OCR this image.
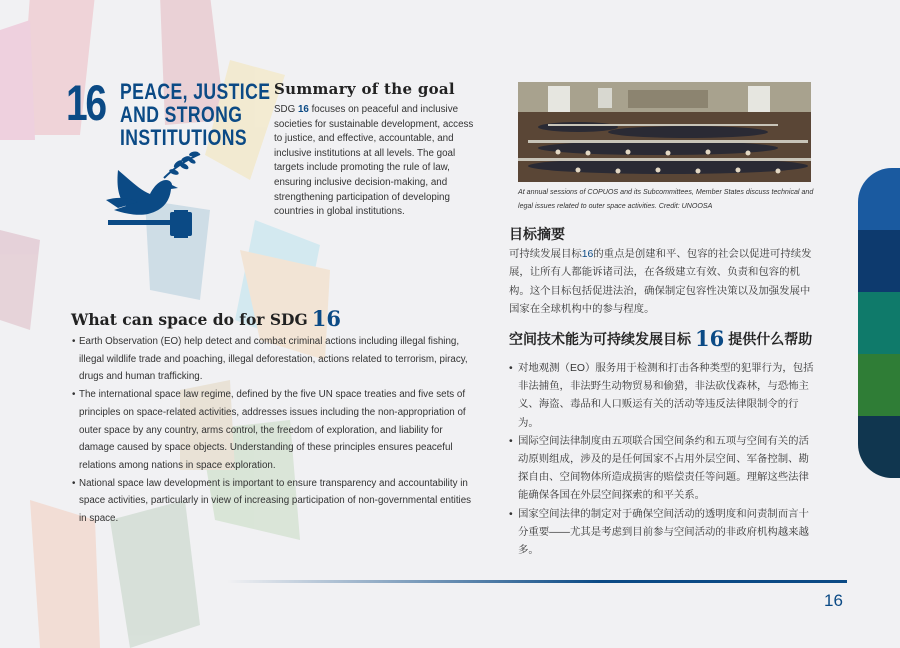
16 PEACE, JUSTICE
AND STRONG
INSTITUTIONS
Summary of the goal
SDG 16 focuses on peaceful and inclusive societies for sustainable development, access to justice, and effective, accountable, and inclusive institutions at all levels. The goal targets include promoting the rule of law, ensuring inclusive decision-making, and strengthening participation of developing countries in global institutions.
At annual sessions of COPUOS and its Subcommittees, Member States discuss technical and legal issues related to outer space activities. Credit: UNOOSA
目标摘要
可持续发展目标16的重点是创建和平、包容的社会以促进可持续发展，让所有人都能诉诸司法，在各级建立有效、负责和包容的机构。这个目标包括促进法治，确保制定包容性决策以及加强发展中国家在全球机构中的参与程度。
空间技术能为可持续发展目标 16 提供什么帮助
• 对地观测（EO）服务用于检测和打击各种类型的犯罪行为，包括非法捕鱼，非法野生动物贸易和偷猎，非法砍伐森林，与恐怖主义、海盗、毒品和人口贩运有关的活动等违反法律限制令的行为。
• 国际空间法律制度由五项联合国空间条约和五项与空间有关的活动原则组成，涉及的是任何国家不占用外层空间、军备控制、勘探自由、空间物体所造成损害的赔偿责任等问题。理解这些法律能确保各国在外层空间探索的和平关系。
• 国家空间法律的制定对于确保空间活动的透明度和问责制而言十分重要——尤其是考虑到目前参与空间活动的非政府机构越来越多。
What can space do for SDG 16
• Earth Observation (EO) help detect and combat criminal actions including illegal fishing, illegal wildlife trade and poaching, illegal deforestation, actions related to terrorism, piracy, drugs and human trafficking.
• The international space law regime, defined by the five UN space treaties and five sets of principles on space-related activities, addresses issues including the non-appropriation of outer space by any country, arms control, the freedom of exploration, and liability for damage caused by space objects. Understanding of these principles ensures peaceful relations among nations in space exploration.
• National space law development is important to ensure transparency and accountability in space activities, particularly in view of increasing participation of non-governmental entities in space.
16
